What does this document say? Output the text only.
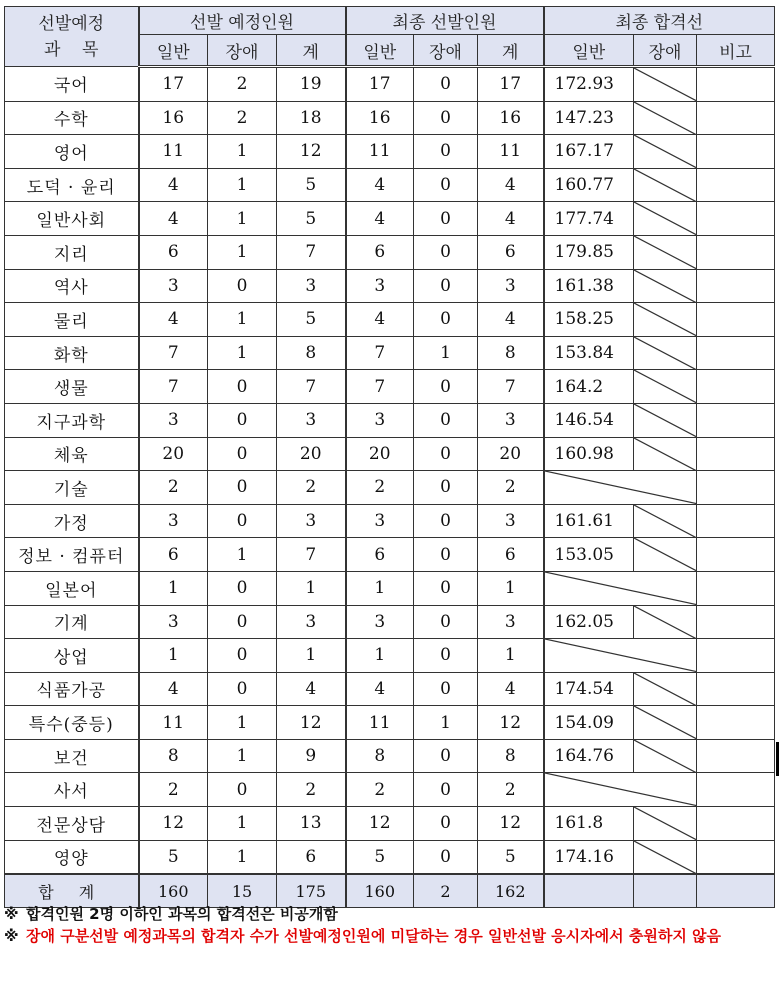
선발예정
과    목	선발 예정인원			최종 선발인원			최종 합격선		
	일반	장애	계	일반	장애	계	일반	장애	비고
국어	17	2	19	17	0	17	172.93	

수학	16	2	18	16	0	16	147.23	

영어	11	1	12	11	0	11	167.17	

도덕 · 윤리	4	1	5	4	0	4	160.77	

일반사회	4	1	5	4	0	4	177.74	

지리	6	1	7	6	0	6	179.85	

역사	3	0	3	3	0	3	161.38	

물리	4	1	5	4	0	4	158.25	

화학	7	1	8	7	1	8	153.84	

생물	7	0	7	7	0	7	164.2	

지구과학	3	0	3	3	0	3	146.54	

체육	20	0	20	20	0	20	160.98	

기술	2	0	2	2	0	2	

가정	3	0	3	3	0	3	161.61	

정보 · 컴퓨터	6	1	7	6	0	6	153.05	

일본어	1	0	1	1	0	1	

기계	3	0	3	3	0	3	162.05	

상업	1	0	1	1	0	1	

식품가공	4	0	4	4	0	4	174.54	

특수(중등)	11	1	12	11	1	12	154.09	

보건	8	1	9	8	0	8	164.76	

사서	2	0	2	2	0	2	

전문상담	12	1	13	12	0	12	161.8	

영양	5	1	6	5	0	5	174.16	

합 계	160	15	175	160	2	162			
※ 합격인원 2명 이하인 과목의 합격선은 비공개함
※ 장애 구분선발 예정과목의 합격자 수가 선발예정인원에 미달하는 경우 일반선발 응시자에서 충원하지 않음
